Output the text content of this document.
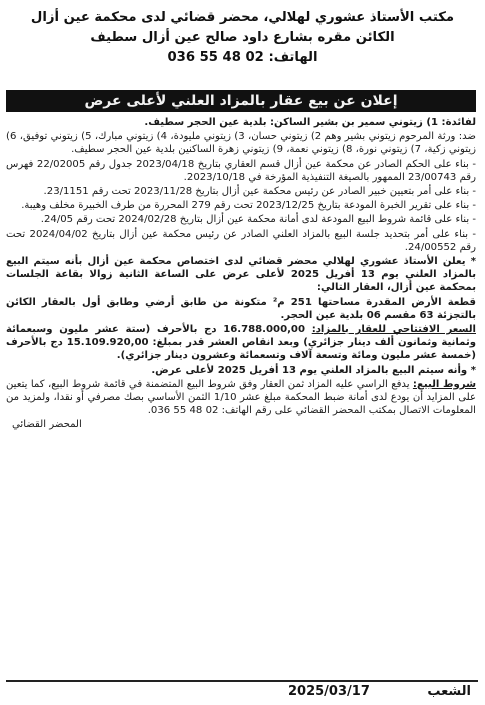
مكتب الأستاذ عشوري لهلالي، محضر قضائي لدى محكمة عين أزال
الكائن مقره بشارع داود صالح عين أزال سطيف
الهاتف: 02 48 55 036
إعلان عن بيع عقار بالمزاد العلني لأعلى عرض

لفائدة: 1) زيتوني سمير بن بشير الساكن: بلدية عين الحجر سطيف.

ضد: ورثة المرحوم زيتوني بشير وهم 2) زيتوني حسان، 3) زيتوني مليودة، 4) زيتوني مبارك، 5) زيتوني توفيق، 6) زيتوني زكية، 7) زيتوني نورة، 8) زيتوني نعمة، 9) زيتوني زهرة الساكنين بلدية عين الحجر سطيف.

- بناء على الحكم الصادر عن محكمة عين أزال قسم العقاري بتاريخ 2023/04/18 جدول رقم 22/02005 فهرس رقم 23/00743 الممهور بالصيغة التنفيذية المؤرخة في 2023/10/18.

- بناء على أمر بتعيين خبير الصادر عن رئيس محكمة عين أزال بتاريخ 2023/11/28 تحت رقم 23/1151.

- بناء على تقرير الخبرة المودعة بتاريخ 2023/12/25 تحت رقم 279 المحررة من طرف الخبيرة مخلف وهيبة.

- بناء على قائمة شروط البيع المودعة لدى أمانة محكمة عين أزال بتاريخ 2024/02/28 تحت رقم 24/05.

- بناء على أمر بتحديد جلسة البيع بالمزاد العلني الصادر عن رئيس محكمة عين أزال بتاريخ 2024/04/02 تحت رقم 24/00552.

* يعلن الأستاذ عشوري لهلالي محضر قضائي لدى اختصاص محكمة عين أزال بأنه سيتم البيع بالمزاد العلني يوم 13 أفريل 2025 لأعلى عرض على الساعة الثانية زوالا بقاعة الجلسات بمحكمة عين أزال، العقار التالي:

قطعة الأرض المقدرة مساحتها 251 م² متكونة من طابق أرضي وطابق أول بالعقار الكائن بالتجزئة 63 مقسم 06 بلدية عين الحجر.

السعر الافتتاحي للعقار بالمزاد: 16.788.000,00 دج بالأحرف (ستة عشر مليون وسبعمائة وثمانية وثمانون ألف دينار جزائري) وبعد انقاص العشر قدر بمبلغ: 15.109.920,00 دج بالأحرف (خمسة عشر مليون ومائة وتسعة آلاف وتسعمائة وعشرون دينار جزائري).

* وأنه سيتم البيع بالمزاد العلني يوم 13 أفريل 2025 لأعلى عرض.

شروط البيع: يدفع الراسي عليه المزاد ثمن العقار وفق شروط البيع المتضمنة في قائمة شروط البيع، كما يتعين على المزايد أن يودع لدى أمانة ضبط المحكمة مبلغ عشر 1/10 الثمن الأساسي بصك مصرفي أو نقدا، ولمزيد من المعلومات الاتصال بمكتب المحضر القضائي على رقم الهاتف: 02 48 55 036.

المحضر القضائي

الشعب
2025/03/17
